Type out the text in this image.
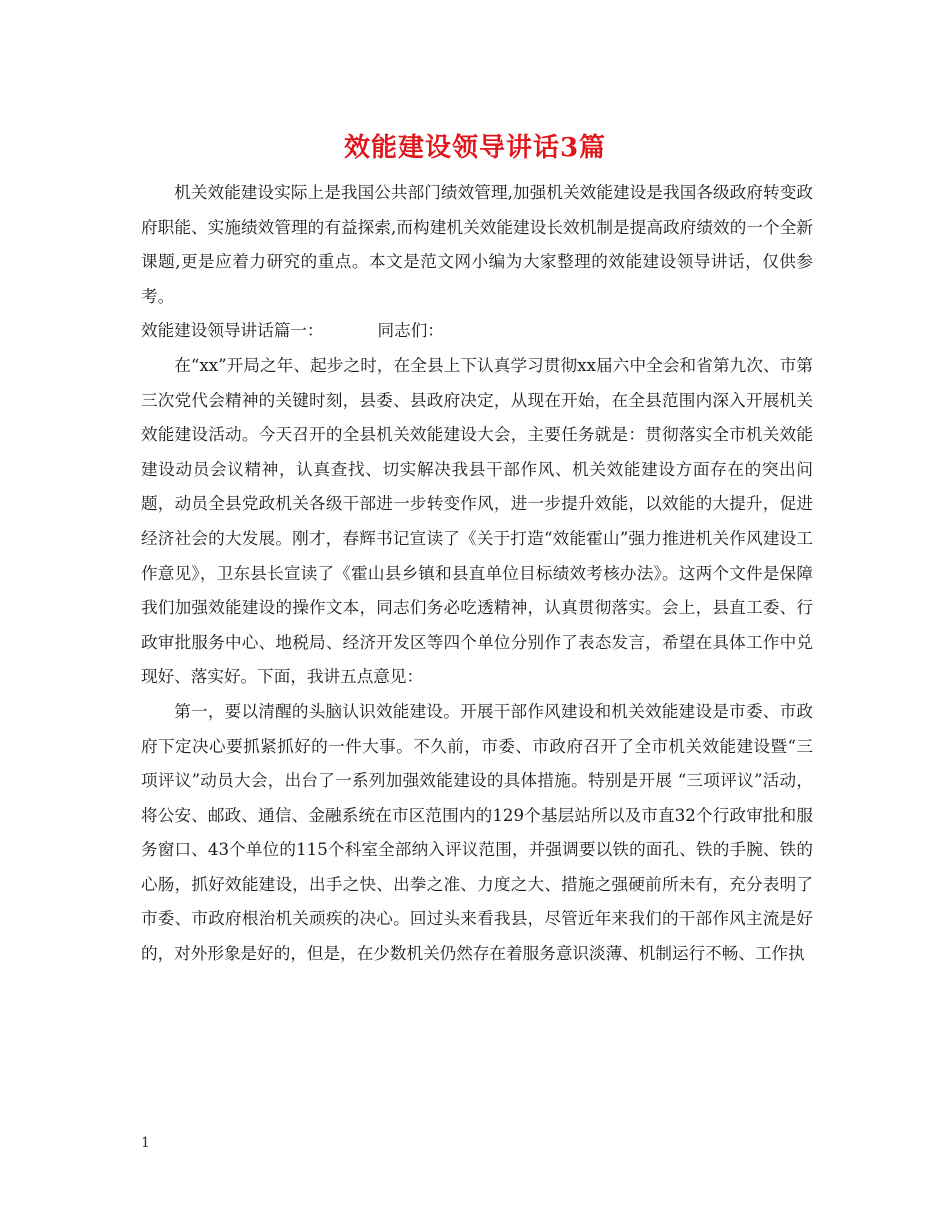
效能建设领导讲话3篇

机关效能建设实际上是我国公共部门绩效管理,加强机关效能建设是我国各级政府转变政府职能、实施绩效管理的有益探索,而构建机关效能建设长效机制是提高政府绩效的一个全新课题,更是应着力研究的重点。本文是范文网小编为大家整理的效能建设领导讲话，仅供参考。

效能建设领导讲话篇一：	同志们：

在“xx”开局之年、起步之时，在全县上下认真学习贯彻xx届六中全会和省第九次、市第三次党代会精神的关键时刻，县委、县政府决定，从现在开始，在全县范围内深入开展机关效能建设活动。今天召开的全县机关效能建设大会，主要任务就是：贯彻落实全市机关效能建设动员会议精神，认真查找、切实解决我县干部作风、机关效能建设方面存在的突出问题，动员全县党政机关各级干部进一步转变作风，进一步提升效能，以效能的大提升，促进经济社会的大发展。刚才，春辉书记宣读了《关于打造“效能霍山”强力推进机关作风建设工作意见》，卫东县长宣读了《霍山县乡镇和县直单位目标绩效考核办法》。这两个文件是保障我们加强效能建设的操作文本，同志们务必吃透精神，认真贯彻落实。会上，县直工委、行政审批服务中心、地税局、经济开发区等四个单位分别作了表态发言，希望在具体工作中兑现好、落实好。下面，我讲五点意见：

第一，要以清醒的头脑认识效能建设。开展干部作风建设和机关效能建设是市委、市政府下定决心要抓紧抓好的一件大事。不久前，市委、市政府召开了全市机关效能建设暨“三项评议”动员大会，出台了一系列加强效能建设的具体措施。特别是开展 “三项评议”活动，将公安、邮政、通信、金融系统在市区范围内的129个基层站所以及市直32个行政审批和服务窗口、43个单位的115个科室全部纳入评议范围，并强调要以铁的面孔、铁的手腕、铁的心肠，抓好效能建设，出手之快、出拳之准、力度之大、措施之强硬前所未有，充分表明了市委、市政府根治机关顽疾的决心。回过头来看我县，尽管近年来我们的干部作风主流是好的，对外形象是好的，但是，在少数机关仍然存在着服务意识淡薄、机制运行不畅、工作执

1
